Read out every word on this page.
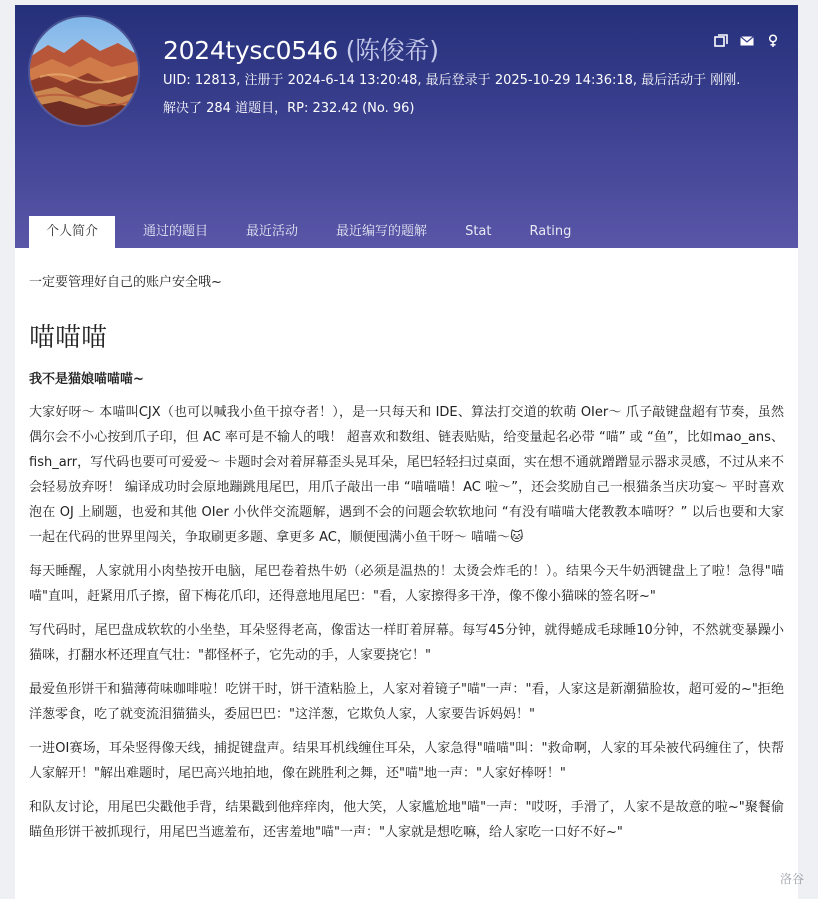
2024tysc0546 (陈俊希)
UID: 12813, 注册于 2024-6-14 13:20:48, 最后登录于 2025-10-29 14:36:18, 最后活动于 刚刚.
解决了 284 道题目，RP: 232.42 (No. 96)
个人简介	通过的题目	最近活动	最近编写的题解	Stat	Rating

一定要管理好自己的账户安全哦~

喵喵喵

我不是猫娘喵喵喵~

大家好呀～ 本喵叫CJX（也可以喊我小鱼干掠夺者！），是一只每天和 IDE、算法打交道的软萌 OIer～ 爪子敲键盘超有节奏，虽然偶尔会不小心按到爪子印，但 AC 率可是不输人的哦！ 超喜欢和数组、链表贴贴，给变量起名必带 “喵” 或 “鱼”，比如mao_ans、fish_arr，写代码也要可可爱爱～ 卡题时会对着屏幕歪头晃耳朵，尾巴轻轻扫过桌面，实在想不通就蹭蹭显示器求灵感，不过从来不会轻易放弃呀！ 编译成功时会原地蹦跳甩尾巴，用爪子敲出一串 “喵喵喵！AC 啦～”，还会奖励自己一根猫条当庆功宴～ 平时喜欢泡在 OJ 上刷题，也爱和其他 OIer 小伙伴交流题解，遇到不会的问题会软软地问 “有没有喵喵大佬教教本喵呀？” 以后也要和大家一起在代码的世界里闯关，争取刷更多题、拿更多 AC，顺便囤满小鱼干呀～ 喵喵～🐱

每天睡醒，人家就用小肉垫按开电脑，尾巴卷着热牛奶（必须是温热的！太烫会炸毛的！）。结果今天牛奶洒键盘上了啦！急得"喵喵"直叫，赶紧用爪子擦，留下梅花爪印，还得意地甩尾巴："看，人家擦得多干净，像不像小猫咪的签名呀~"

写代码时，尾巴盘成软软的小坐垫，耳朵竖得老高，像雷达一样盯着屏幕。每写45分钟，就得蜷成毛球睡10分钟，不然就变暴躁小猫咪，打翻水杯还理直气壮："都怪杯子，它先动的手，人家要挠它！"

最爱鱼形饼干和猫薄荷味咖啡啦！吃饼干时，饼干渣粘脸上，人家对着镜子"喵"一声："看，人家这是新潮猫脸妆，超可爱的~"拒绝洋葱零食，吃了就变流泪猫猫头，委屈巴巴："这洋葱，它欺负人家，人家要告诉妈妈！"

一进OI赛场，耳朵竖得像天线，捕捉键盘声。结果耳机线缠住耳朵，人家急得"喵喵"叫："救命啊，人家的耳朵被代码缠住了，快帮人家解开！"解出难题时，尾巴高兴地拍地，像在跳胜利之舞，还"喵"地一声："人家好棒呀！"

和队友讨论，用尾巴尖戳他手背，结果戳到他痒痒肉，他大笑，人家尴尬地"喵"一声："哎呀，手滑了，人家不是故意的啦~"聚餐偷瞄鱼形饼干被抓现行，用尾巴当遮羞布，还害羞地"喵"一声："人家就是想吃嘛，给人家吃一口好不好~"

洛谷
